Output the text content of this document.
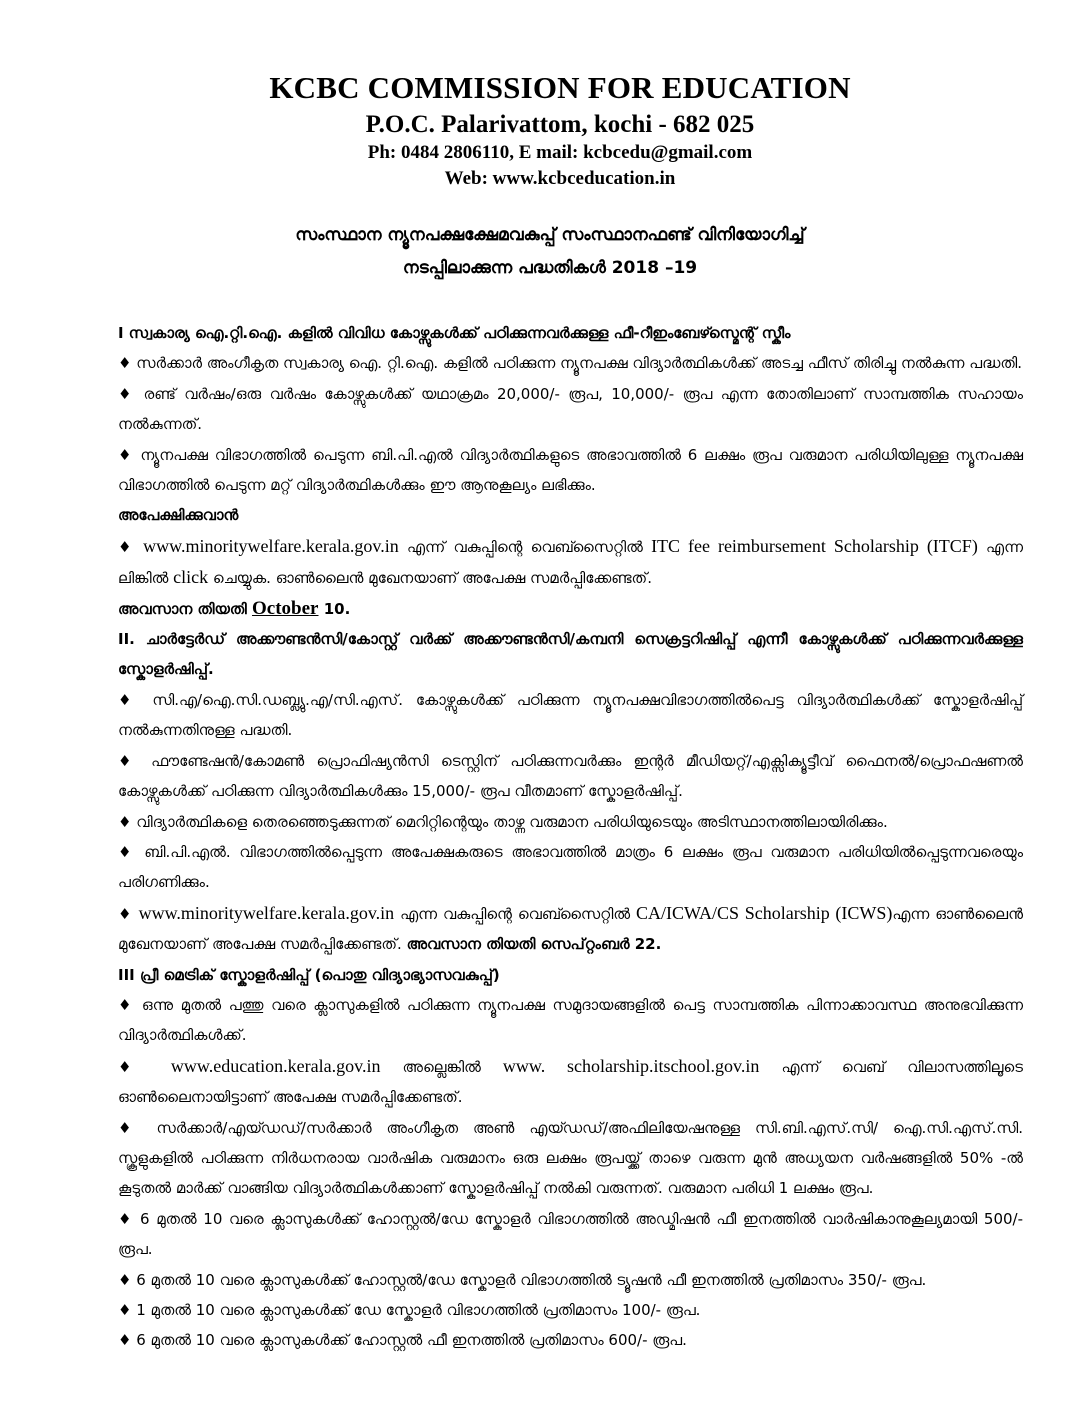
KCBC COMMISSION FOR EDUCATION
P.O.C. Palarivattom, kochi - 682 025
Ph: 0484 2806110, E mail: kcbcedu@gmail.com
Web: www.kcbceducation.in
സംസ്ഥാന ന്യൂനപക്ഷക്ഷേമവകുപ്പ് സംസ്ഥാനഫണ്ട് വിനിയോഗിച്ച്
നടപ്പിലാക്കുന്ന പദ്ധതികള്‍ 2018 –19

I സ്വകാര്യ ഐ.റ്റി.ഐ. കളില്‍ വിവിധ കോഴ്സുകള്‍ക്ക് പഠിക്കുന്നവര്‍ക്കുള്ള ഫീ-റീഇംബേഴ്സ്മെന്റ് സ്കീം

♦ സര്‍ക്കാര്‍ അംഗീകൃത സ്വകാര്യ ഐ. റ്റി.ഐ. കളില്‍ പഠിക്കുന്ന ന്യൂനപക്ഷ വിദ്യാര്‍ത്ഥികള്‍ക്ക് അടച്ച ഫീസ് തിരിച്ചു നല്‍കുന്ന പദ്ധതി.

♦ രണ്ട് വര്‍ഷം/ഒരു വര്‍ഷം കോഴ്സുകള്‍ക്ക് യഥാക്രമം 20,000/- രൂപ, 10,000/- രൂപ എന്ന തോതിലാണ് സാമ്പത്തിക സഹായം നല്‍കുന്നത്.

♦ ന്യൂനപക്ഷ വിഭാഗത്തില്‍ പെടുന്ന ബി.പി.എല്‍ വിദ്യാര്‍ത്ഥികളുടെ അഭാവത്തില്‍ 6 ലക്ഷം രൂപ വരുമാന പരിധിയിലുള്ള ന്യൂനപക്ഷ വിഭാഗത്തില്‍ പെടുന്ന മറ്റ് വിദ്യാര്‍ത്ഥികള്‍ക്കും ഈ ആനുകൂല്യം ലഭിക്കും.

അപേക്ഷിക്കുവാന്‍

♦ www.minoritywelfare.kerala.gov.in എന്ന് വകുപ്പിന്റെ വെബ്സൈറ്റില്‍ ITC fee reimbursement Scholarship (ITCF) എന്ന ലിങ്കില്‍ click ചെയ്യുക. ഓണ്‍ലൈന്‍ മുഖേനയാണ് അപേക്ഷ സമര്‍പ്പിക്കേണ്ടത്.

അവസാന തിയതി October 10.

II. ചാര്‍ട്ടേര്‍ഡ് അക്കൗണ്ടന്‍സി/കോസ്റ്റ് വര്‍ക്ക് അക്കൗണ്ടന്‍സി/കമ്പനി സെക്രട്ടറിഷിപ്പ് എന്നീ കോഴ്സുകള്‍ക്ക് പഠിക്കുന്നവര്‍ക്കുള്ള സ്കോളര്‍ഷിപ്പ്.

♦ സി.എ/ഐ.സി.ഡബ്ല്യു.എ/സി.എസ്. കോഴ്സുകള്‍ക്ക് പഠിക്കുന്ന ന്യൂനപക്ഷവിഭാഗത്തില്‍പെട്ട വിദ്യാര്‍ത്ഥികള്‍ക്ക് സ്കോളര്‍ഷിപ്പ് നല്‍കുന്നതിനുള്ള പദ്ധതി.

♦ ഫൗണ്ടേഷന്‍/കോമണ്‍ പ്രൊഫിഷ്യന്‍സി ടെസ്റ്റിന് പഠിക്കുന്നവര്‍ക്കും ഇന്റര്‍ മീഡിയറ്റ്/എക്സിക്യൂട്ടീവ് ഫൈനല്‍/പ്രൊഫഷണല്‍ കോഴ്സുകള്‍ക്ക് പഠിക്കുന്ന വിദ്യാര്‍ത്ഥികള്‍ക്കും 15,000/- രൂപ വീതമാണ് സ്കോളര്‍ഷിപ്പ്.

♦ വിദ്യാര്‍ത്ഥികളെ തെരഞ്ഞെടുക്കുന്നത് മെറിറ്റിന്റെയും താഴ്ന്ന വരുമാന പരിധിയുടെയും അടിസ്ഥാനത്തിലായിരിക്കും.

♦ ബി.പി.എല്‍. വിഭാഗത്തില്‍പ്പെടുന്ന അപേക്ഷകരുടെ അഭാവത്തില്‍ മാത്രം 6 ലക്ഷം രൂപ വരുമാന പരിധിയില്‍പ്പെടുന്നവരെയും പരിഗണിക്കും.

♦ www.minoritywelfare.kerala.gov.in എന്ന വകുപ്പിന്റെ വെബ്സൈറ്റില്‍ CA/ICWA/CS Scholarship (ICWS)എന്ന ഓണ്‍ലൈന്‍ മുഖേനയാണ് അപേക്ഷ സമര്‍പ്പിക്കേണ്ടത്. അവസാന തിയതി സെപ്റ്റംബര്‍ 22.

III പ്രീ മെട്രിക് സ്കോളര്‍ഷിപ്പ് (പൊതു വിദ്യാഭ്യാസവകുപ്പ്)

♦ ഒന്നു മുതല്‍ പത്തു വരെ ക്ലാസുകളില്‍ പഠിക്കുന്ന ന്യൂനപക്ഷ സമുദായങ്ങളില്‍ പെട്ട സാമ്പത്തിക പിന്നാക്കാവസ്ഥ അനുഭവിക്കുന്ന വിദ്യാര്‍ത്ഥികള്‍ക്ക്.

♦ www.education.kerala.gov.in അല്ലെങ്കില്‍ www. scholarship.itschool.gov.in എന്ന് വെബ് വിലാസത്തിലൂടെ ഓണ്‍ലൈനായിട്ടാണ് അപേക്ഷ സമര്‍പ്പിക്കേണ്ടത്.

♦ സര്‍ക്കാര്‍/എയ്ഡഡ്/സര്‍ക്കാര്‍ അംഗീകൃത അണ്‍ എയ്ഡഡ്/അഫിലിയേഷനുള്ള സി.ബി.എസ്.സി/ ഐ.സി.എസ്.സി. സ്കൂളുകളില്‍ പഠിക്കുന്ന നിര്‍ധനരായ വാര്‍ഷിക വരുമാനം ഒരു ലക്ഷം രൂപയ്ക്ക് താഴെ വരുന്ന മുന്‍ അധ്യയന വര്‍ഷങ്ങളില്‍ 50% -ല്‍ കൂടുതല്‍ മാര്‍ക്ക് വാങ്ങിയ വിദ്യാര്‍ത്ഥികള്‍ക്കാണ് സ്കോളര്‍ഷിപ്പ് നല്‍കി വരുന്നത്. വരുമാന പരിധി 1 ലക്ഷം രൂപ.

♦ 6 മുതല്‍ 10 വരെ ക്ലാസുകള്‍ക്ക് ഹോസ്റ്റല്‍/ഡേ സ്കോളര്‍ വിഭാഗത്തില്‍ അഡ്മിഷന്‍ ഫീ ഇനത്തില്‍ വാര്‍ഷികാനുകൂല്യമായി 500/- രൂപ.

♦ 6 മുതല്‍ 10 വരെ ക്ലാസുകള്‍ക്ക് ഹോസ്റ്റല്‍/ഡേ സ്കോളര്‍ വിഭാഗത്തില്‍ ട്യൂഷന്‍ ഫീ ഇനത്തില്‍ പ്രതിമാസം 350/- രൂപ.

♦ 1 മുതല്‍ 10 വരെ ക്ലാസുകള്‍ക്ക് ഡേ സ്കോളര്‍ വിഭാഗത്തില്‍ പ്രതിമാസം 100/- രൂപ.

♦ 6 മുതല്‍ 10 വരെ ക്ലാസുകള്‍ക്ക് ഹോസ്റ്റല്‍ ഫീ ഇനത്തില്‍ പ്രതിമാസം 600/- രൂപ.
